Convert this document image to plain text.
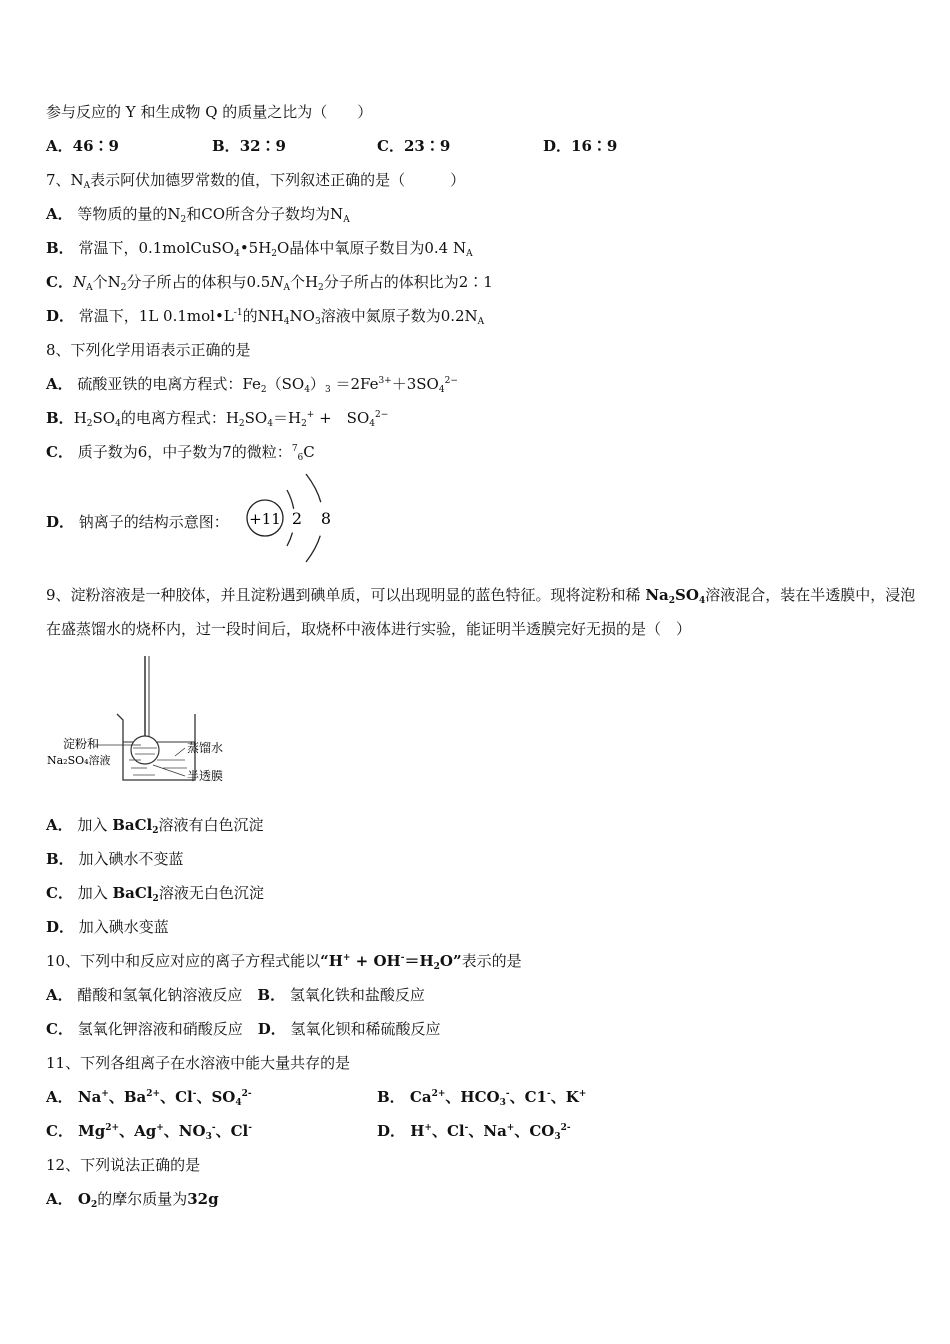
参与反应的 Y 和生成物 Q 的质量之比为（　　）
A．46∶9	B．32∶9	C．23∶9	D．16∶9
7、$N_A$表示阿伏加德罗常数的值，下列叙述正确的是（　　　）
A． 等物质的量的$N_2$和CO所含分子数均为$N_A$
B． 常温下，$0.1molCuSO_4•5H_2O$晶体中氧原子数目为0.4 $N_A$
C．$N_A$个$N_2$分子所占的体积与$0.5N_A$个$H_2$分子所占的体积比为2∶1
D． 常温下，1L $0.1mol•L^{-1}$的$NH_4NO_3$溶液中氮原子数为$0.2N_A$
8、下列化学用语表示正确的是
A． 硫酸亚铁的电离方程式：$Fe_2(SO_4)_3 =2Fe^{3+}+3SO_4^{2-}$
B．$H_2SO_4$的电离方程式：$H_2SO_4=H_2^+$ +　$SO_4^{2-}$
C． 质子数为6，中子数为7的微粒：$^7_6$C
D． 钠离子的结构示意图： +11 2 8
9、淀粉溶液是一种胶体，并且淀粉遇到碘单质，可以出现明显的蓝色特征。现将淀粉和稀 $Na_2SO_4$溶液混合，装在半透膜中，浸泡在盛蒸馏水的烧杯内，过一段时间后，取烧杯中液体进行实验，能证明半透膜完好无损的是（　）
淀粉和
Na₂SO₄溶液
蒸馏水
半透膜
A． 加入 BaCl$_2$溶液有白色沉淀
B． 加入碘水不变蓝
C． 加入 BaCl$_2$溶液无白色沉淀
D． 加入碘水变蓝
10、下列中和反应对应的离子方程式能以“$H^+ + OH^-=H_2O$”表示的是
A． 醋酸和氢氧化钠溶液反应　B． 氢氧化铁和盐酸反应
C． 氢氧化钾溶液和硝酸反应　D． 氢氧化钡和稀硫酸反应
11、下列各组离子在水溶液中能大量共存的是
A． Na+、$Ba^{2+}$、Cl-、$SO_4^{2-}$	B． $Ca^{2+}$、$HCO_3^-$、C1-、K+
C． $Mg^{2+}$、Ag+、$NO_3^-$、Cl-	D． H+、Cl-、Na+、$CO_3^{2-}$
12、下列说法正确的是
A． $O_2$的摩尔质量为32g
